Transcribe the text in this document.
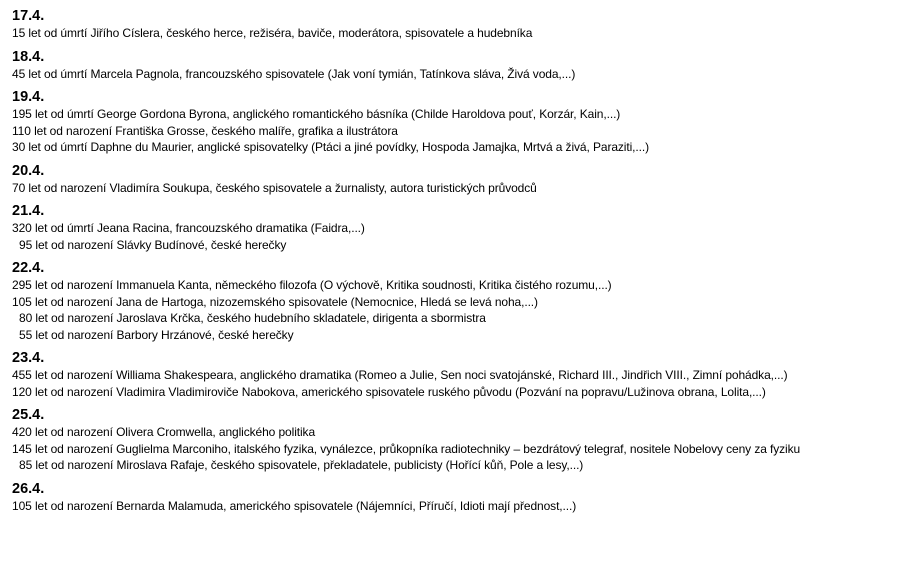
17.4.
15 let od úmrtí Jiřího Císlera, českého herce, režiséra, baviče, moderátora, spisovatele a hudebníka
18.4.
45 let od úmrtí Marcela Pagnola, francouzského spisovatele (Jak voní tymián, Tatínkova sláva, Živá voda,...)
19.4.
195 let od úmrtí George Gordona Byrona, anglického romantického básníka (Childe Haroldova pouť, Korzár, Kain,...)
110 let od narození Františka Grosse, českého malíře, grafika a ilustrátora
30 let od úmrtí Daphne du Maurier, anglické spisovatelky (Ptáci a jiné povídky, Hospoda Jamajka, Mrtvá a živá, Paraziti,...)
20.4.
70 let od narození Vladimíra Soukupa, českého spisovatele a žurnalisty, autora turistických průvodců
21.4.
320 let od úmrtí Jeana Racina, francouzského dramatika (Faidra,...)
95 let od narození Slávky Budínové, české herečky
22.4.
295 let od narození Immanuela Kanta, německého filozofa (O výchově, Kritika soudnosti, Kritika čistého rozumu,...)
105 let od narození Jana de Hartoga, nizozemského spisovatele (Nemocnice, Hledá se levá noha,...)
80 let od narození Jaroslava Krčka, českého hudebního skladatele, dirigenta a sbormistra
55 let od narození Barbory Hrzánové, české herečky
23.4.
455 let od narození Williama Shakespeara, anglického dramatika (Romeo a Julie, Sen noci svatojánské, Richard III., Jindřich VIII., Zimní pohádka,...)
120 let od narození Vladimira Vladimiroviče Nabokova, amerického spisovatele ruského původu (Pozvání na popravu/Lužinova obrana, Lolita,...)
25.4.
420 let od narození Olivera Cromwella, anglického politika
145 let od narození Guglielma Marconiho, italského fyzika, vynálezce, průkopníka radiotechniky – bezdrátový telegraf, nositele Nobelovy ceny za fyziku
85 let od narození Miroslava Rafaje, českého spisovatele, překladatele, publicisty (Hořící kůň, Pole a lesy,...)
26.4.
105 let od narození Bernarda Malamuda, amerického spisovatele (Nájemníci, Příručí, Idioti mají přednost,...)
